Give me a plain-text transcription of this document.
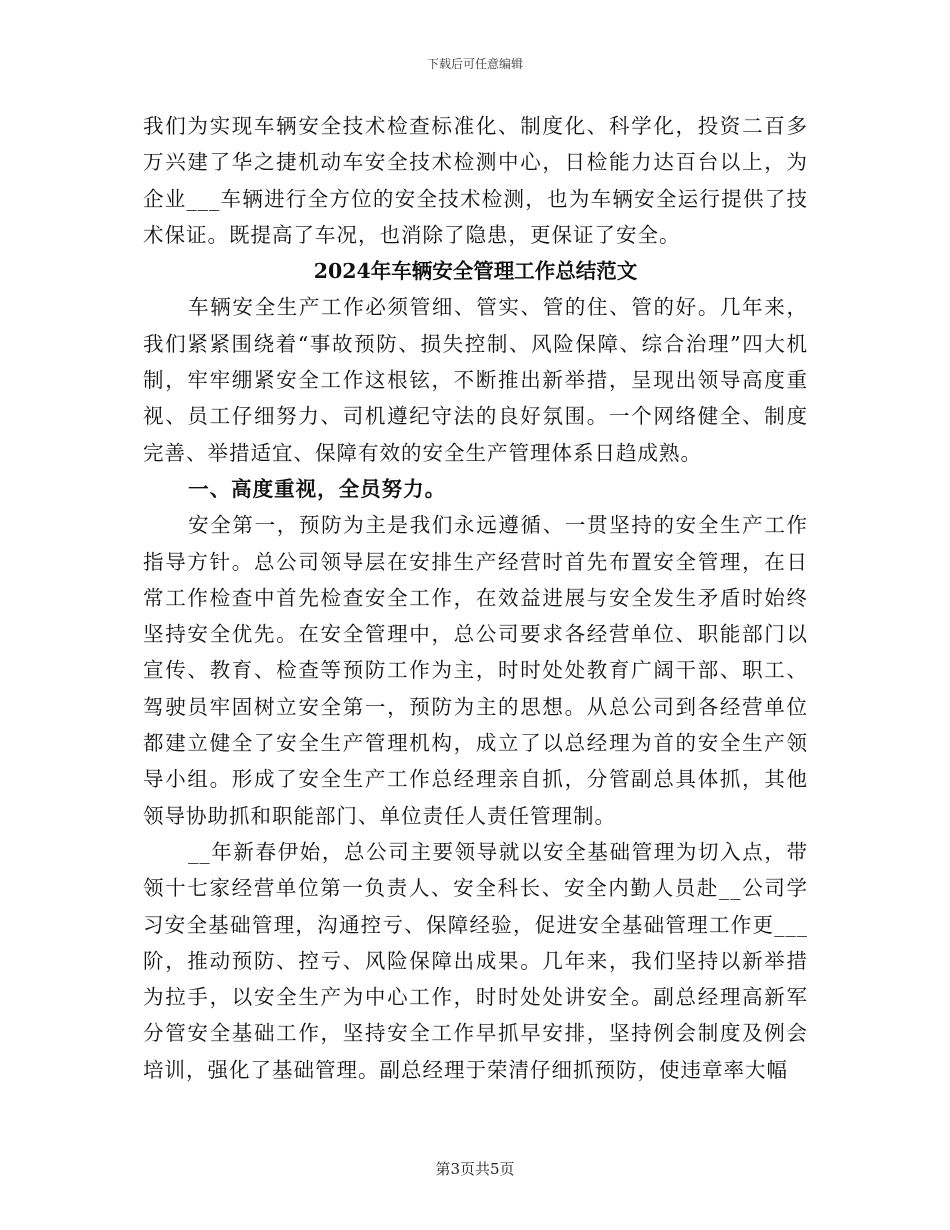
下载后可任意编辑

我们为实现车辆安全技术检查标准化、制度化、科学化，投资二百多万兴建了华之捷机动车安全技术检测中心，日检能力达百台以上，为企业___车辆进行全方位的安全技术检测，也为车辆安全运行提供了技术保证。既提高了车况，也消除了隐患，更保证了安全。

2024年车辆安全管理工作总结范文

车辆安全生产工作必须管细、管实、管的住、管的好。几年来，我们紧紧围绕着“事故预防、损失控制、风险保障、综合治理”四大机制，牢牢绷紧安全工作这根铉，不断推出新举措，呈现出领导高度重视、员工仔细努力、司机遵纪守法的良好氛围。一个网络健全、制度完善、举措适宜、保障有效的安全生产管理体系日趋成熟。

一、高度重视，全员努力。

安全第一，预防为主是我们永远遵循、一贯坚持的安全生产工作指导方针。总公司领导层在安排生产经营时首先布置安全管理，在日常工作检查中首先检查安全工作，在效益进展与安全发生矛盾时始终坚持安全优先。在安全管理中，总公司要求各经营单位、职能部门以宣传、教育、检查等预防工作为主，时时处处教育广阔干部、职工、驾驶员牢固树立安全第一，预防为主的思想。从总公司到各经营单位都建立健全了安全生产管理机构，成立了以总经理为首的安全生产领导小组。形成了安全生产工作总经理亲自抓，分管副总具体抓，其他领导协助抓和职能部门、单位责任人责任管理制。

__年新春伊始，总公司主要领导就以安全基础管理为切入点，带领十七家经营单位第一负责人、安全科长、安全内勤人员赴__公司学习安全基础管理，沟通控亏、保障经验，促进安全基础管理工作更___阶，推动预防、控亏、风险保障出成果。几年来，我们坚持以新举措为拉手，以安全生产为中心工作，时时处处讲安全。副总经理高新军分管安全基础工作，坚持安全工作早抓早安排，坚持例会制度及例会培训，强化了基础管理。副总经理于荣清仔细抓预防，使违章率大幅

第3页共5页
